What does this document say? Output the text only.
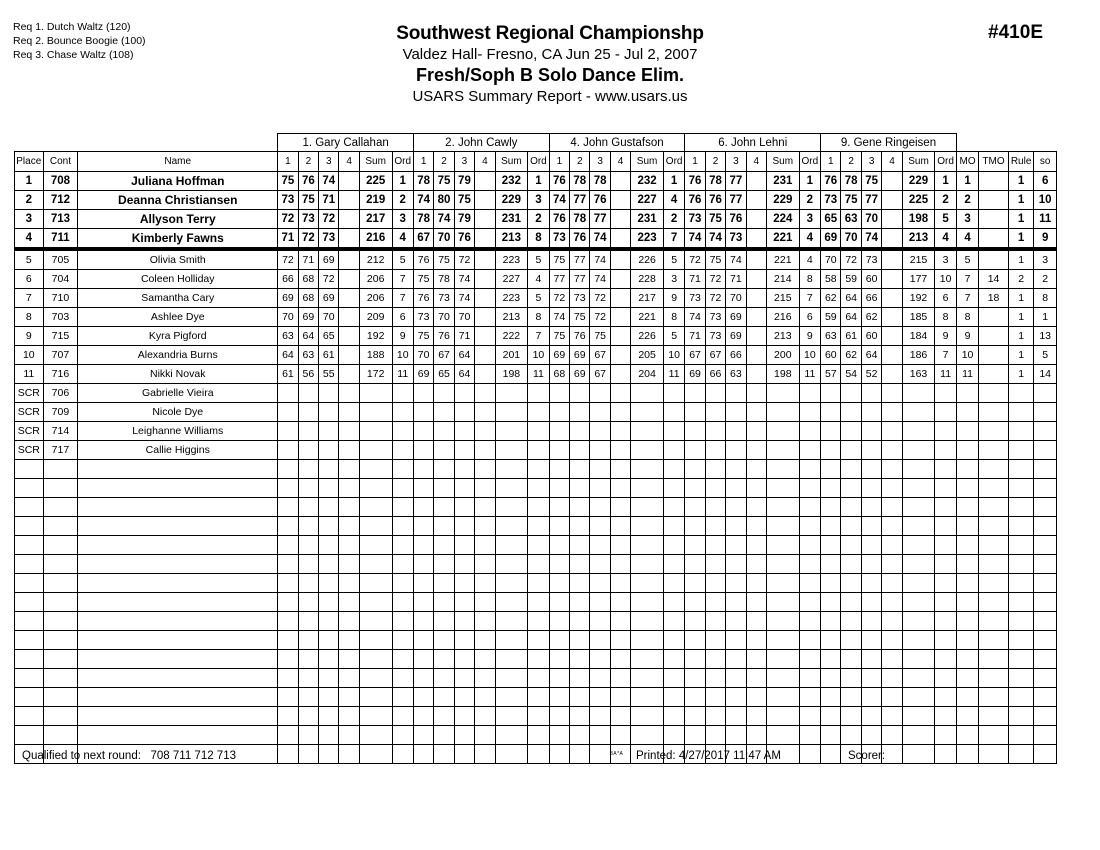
Req 1. Dutch Waltz (120)
Req 2. Bounce Boogie (100)
Req 3. Chase Waltz (108)
Southwest Regional Championshp
Valdez Hall- Fresno, CA Jun 25 - Jul 2, 2007
Fresh/Soph B Solo Dance Elim.
USARS Summary Report - www.usars.us
#410E
			1. Gary Callahan						2. John Cawly						4. John Gustafson						6. John Lehni						9. Gene Ringeisen									
Place	Cont	Name	1	2	3	4	Sum	Ord	1	2	3	4	Sum	Ord	1	2	3	4	Sum	Ord	1	2	3	4	Sum	Ord	1	2	3	4	Sum	Ord	MO	TMO	Rule	so
1	708	Juliana Hoffman	75	76	74		225	1	78	75	79		232	1	76	78	78		232	1	76	78	77		231	1	76	78	75		229	1	1		1	6
2	712	Deanna Christiansen	73	75	71		219	2	74	80	75		229	3	74	77	76		227	4	76	76	77		229	2	73	75	77		225	2	2		1	10
3	713	Allyson Terry	72	73	72		217	3	78	74	79		231	2	76	78	77		231	2	73	75	76		224	3	65	63	70		198	5	3		1	11
4	711	Kimberly Fawns	71	72	73		216	4	67	70	76		213	8	73	76	74		223	7	74	74	73		221	4	69	70	74		213	4	4		1	9
5	705	Olivia Smith	72	71	69		212	5	76	75	72		223	5	75	77	74		226	5	72	75	74		221	4	70	72	73		215	3	5		1	3
6	704	Coleen Holliday	66	68	72		206	7	75	78	74		227	4	77	77	74		228	3	71	72	71		214	8	58	59	60		177	10	7	14	2	2
7	710	Samantha Cary	69	68	69		206	7	76	73	74		223	5	72	73	72		217	9	73	72	70		215	7	62	64	66		192	6	7	18	1	8
8	703	Ashlee Dye	70	69	70		209	6	73	70	70		213	8	74	75	72		221	8	74	73	69		216	6	59	64	62		185	8	8		1	1
9	715	Kyra Pigford	63	64	65		192	9	75	76	71		222	7	75	76	75		226	5	71	73	69		213	9	63	61	60		184	9	9		1	13
10	707	Alexandria Burns	64	63	61		188	10	70	67	64		201	10	69	69	67		205	10	67	67	66		200	10	60	62	64		186	7	10		1	5
11	716	Nikki Novak	61	56	55		172	11	69	65	64		198	11	68	69	67		204	11	69	66	63		198	11	57	54	52		163	11	11		1	14
SCR	706	Gabrielle Vieira																																		
SCR	709	Nicole Dye																																		
SCR	714	Leighanne Williams																																		
SCR	717	Callie Higgins																																		

Qualified to next round: 708 711 712 713	3A*A Printed: 4/27/2017 11:47 AM	Scorer:
